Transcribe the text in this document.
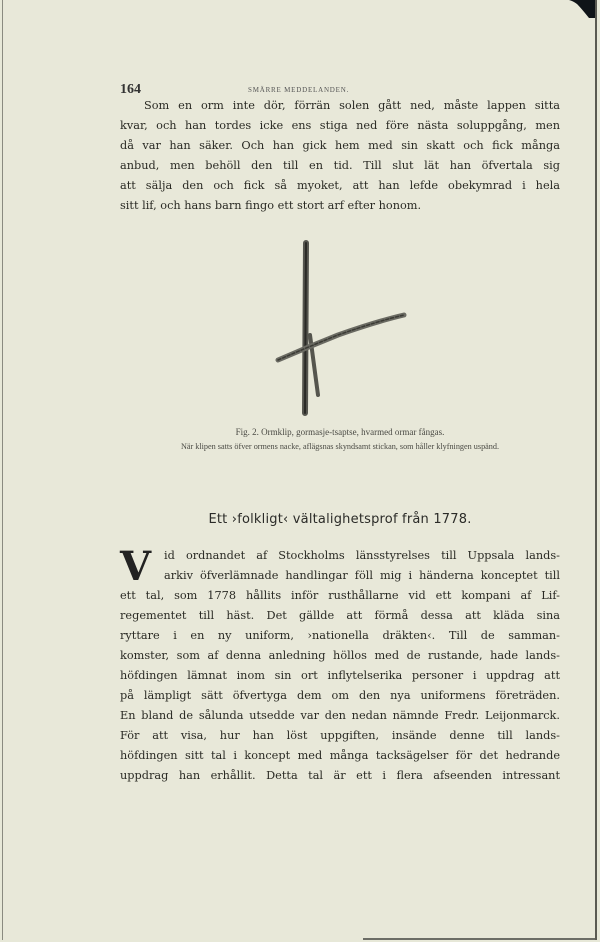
164	SMÄRRE MEDDELANDEN.
Som en orm inte dör, förrän solen gått ned, måste lappen sitta
kvar, och han tordes icke ens stiga ned före nästa soluppgång, men
då var han säker. Och han gick hem med sin skatt och fick många
anbud, men behöll den till en tid. Till slut lät han öfvertala sig
att sälja den och fick så myoket, att han lefde obekymrad i hela
sitt lif, och hans barn fingo ett stort arf efter honom.
Fig. 2. Ormklip, gormasje-tsaptse, hvarmed ormar fångas.
När klipen satts öfver ormens nacke, aflägsnas skyndsamt stickan, som håller klyfningen uspänd.
Ett ›folkligt‹ vältalighetsprof från 1778.
V	id ordnandet af Stockholms länsstyrelses till Uppsala lands-
arkiv öfverlämnade handlingar föll mig i händerna konceptet till
ett tal, som 1778 hållits inför rusthållarne vid ett kompani af Lif-
regementet till häst. Det gällde att förmå dessa att kläda sina
ryttare i en ny uniform, ›nationella dräkten‹. Till de samman-
komster, som af denna anledning höllos med de rustande, hade lands-
höfdingen lämnat inom sin ort inflytelserika personer i uppdrag att
på lämpligt sätt öfvertyga dem om den nya uniformens företräden.
En bland de sålunda utsedde var den nedan nämnde Fredr. Leijonmarck.
För att visa, hur han löst uppgiften, insände denne till lands-
höfdingen sitt tal i koncept med många tacksägelser för det hedrande
uppdrag han erhållit. Detta tal är ett i flera afseenden intressant
